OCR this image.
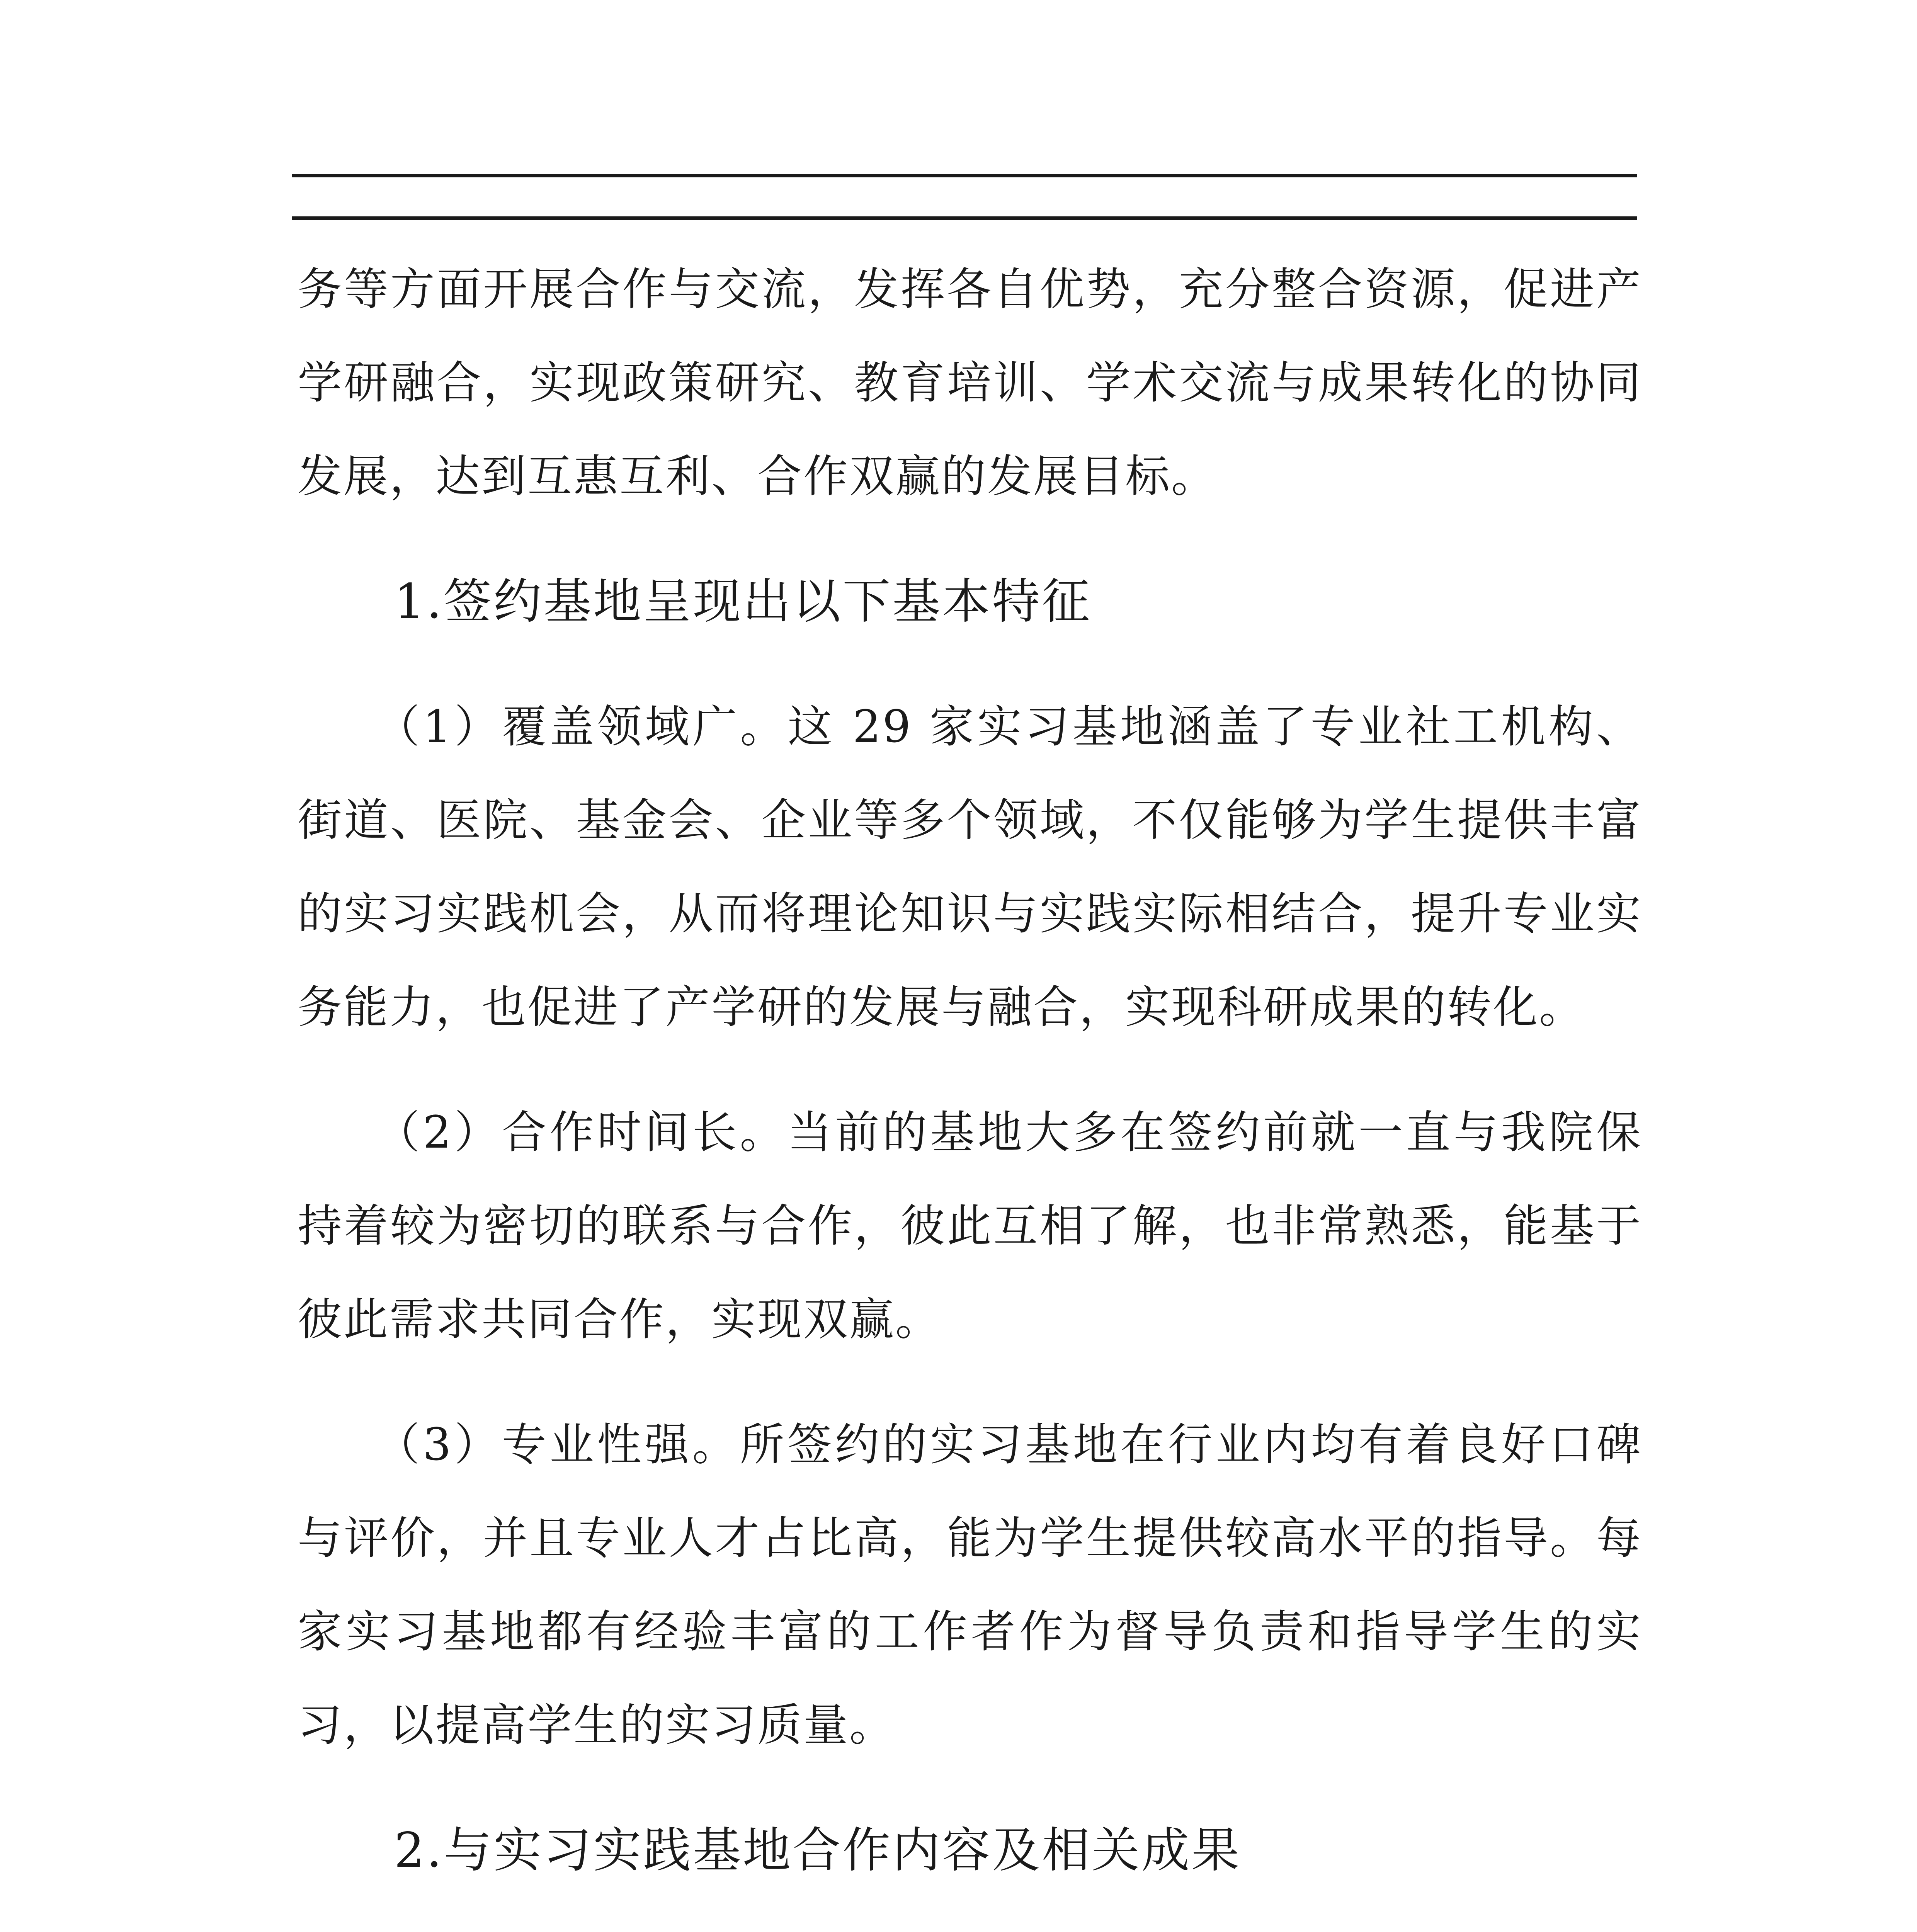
务等方面开展合作与交流，发挥各自优势，充分整合资源，促进产学研融合，实现政策研究、教育培训、学术交流与成果转化的协同发展，达到互惠互利、合作双赢的发展目标。

1.签约基地呈现出以下基本特征

（1）覆盖领域广。这 29 家实习基地涵盖了专业社工机构、街道、医院、基金会、企业等多个领域，不仅能够为学生提供丰富的实习实践机会，从而将理论知识与实践实际相结合，提升专业实务能力，也促进了产学研的发展与融合，实现科研成果的转化。

（2）合作时间长。当前的基地大多在签约前就一直与我院保持着较为密切的联系与合作，彼此互相了解，也非常熟悉，能基于彼此需求共同合作，实现双赢。

（3）专业性强。所签约的实习基地在行业内均有着良好口碑与评价，并且专业人才占比高，能为学生提供较高水平的指导。每家实习基地都有经验丰富的工作者作为督导负责和指导学生的实习，以提高学生的实习质量。

2.与实习实践基地合作内容及相关成果
